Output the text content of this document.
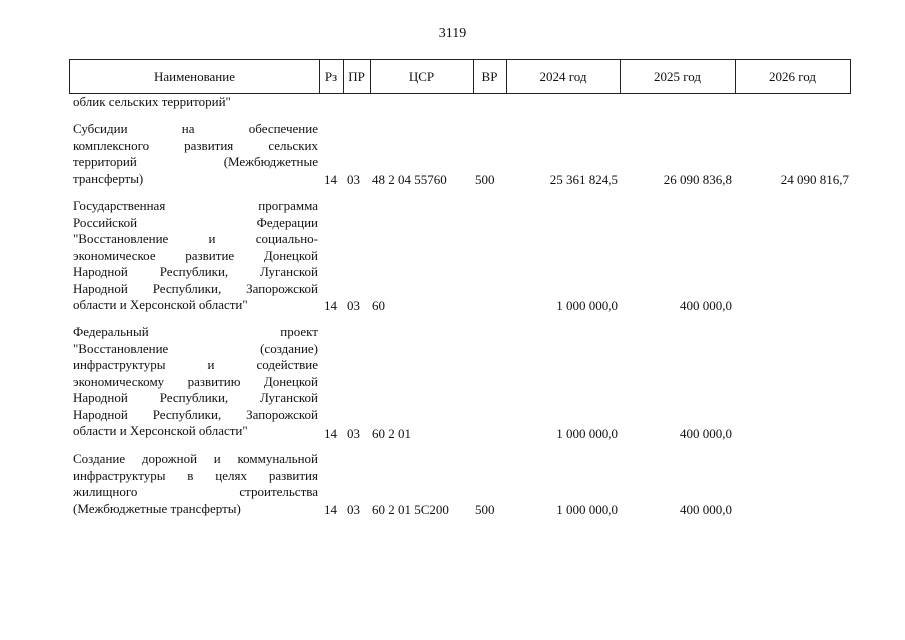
3119
Наименование	Рз ПР	ЦСР	ВР	2024 год	2025 год	2026 год
облик сельских территорий"
Субсидии на обеспечение
комплексного развития сельских
территорий (Межбюджетные
трансферты)	14 03 48 2 04 55760 500	25 361 824,5	26 090 836,8	24 090 816,7
Государственная программа
Российской Федерации
"Восстановление и социально-
экономическое развитие Донецкой
Народной Республики, Луганской
Народной Республики, Запорожской
области и Херсонской области"	14 03 60	1 000 000,0	400 000,0
Федеральный проект
"Восстановление (создание)
инфраструктуры и содействие
экономическому развитию Донецкой
Народной Республики, Луганской
Народной Республики, Запорожской
области и Херсонской области"	14 03 60 2 01	1 000 000,0	400 000,0
Создание дорожной и коммунальной
инфраструктуры в целях развития
жилищного строительства
(Межбюджетные трансферты)	14 03 60 2 01 5С200 500	1 000 000,0	400 000,0
